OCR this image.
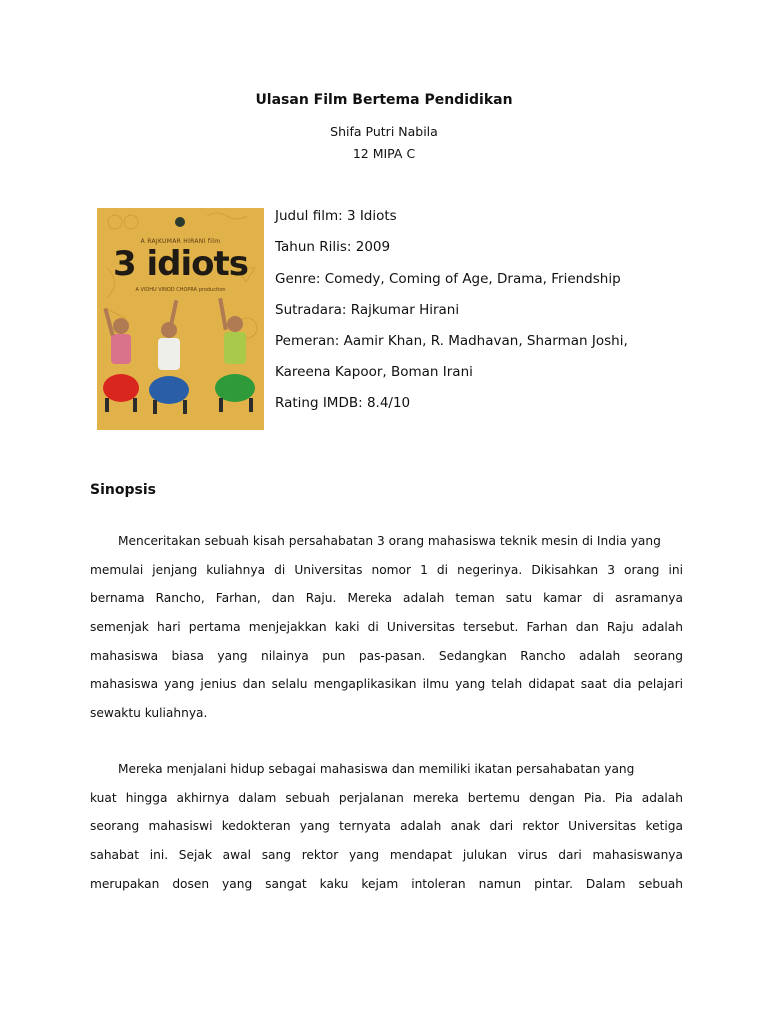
Ulasan Film Bertema Pendidikan
Shifa Putri Nabila
12 MIPA C
A RAJKUMAR HIRANI film
3 idiots
A VIDHU VINOD CHOPRA production
Judul film: 3 Idiots
Tahun Rilis: 2009
Genre: Comedy, Coming of Age, Drama, Friendship
Sutradara: Rajkumar Hirani
Pemeran: Aamir Khan, R. Madhavan, Sharman Joshi,
Kareena Kapoor, Boman Irani
Rating IMDB: 8.4/10
Sinopsis
Menceritakan sebuah kisah persahabatan 3 orang mahasiswa teknik mesin di India yang
memulai jenjang kuliahnya di Universitas nomor 1 di negerinya. Dikisahkan 3 orang ini
bernama Rancho, Farhan, dan Raju. Mereka adalah teman satu kamar di asramanya
semenjak hari pertama menjejakkan kaki di Universitas tersebut. Farhan dan Raju adalah
mahasiswa biasa yang nilainya pun pas-pasan. Sedangkan Rancho adalah seorang
mahasiswa yang jenius dan selalu mengaplikasikan ilmu yang telah didapat saat dia pelajari
sewaktu kuliahnya.
Mereka menjalani hidup sebagai mahasiswa dan memiliki ikatan persahabatan yang
kuat hingga akhirnya dalam sebuah perjalanan mereka bertemu dengan Pia. Pia adalah
seorang mahasiswi kedokteran yang ternyata adalah anak dari rektor Universitas ketiga
sahabat ini. Sejak awal sang rektor yang mendapat julukan virus dari mahasiswanya
merupakan dosen yang sangat kaku kejam intoleran namun pintar. Dalam sebuah
